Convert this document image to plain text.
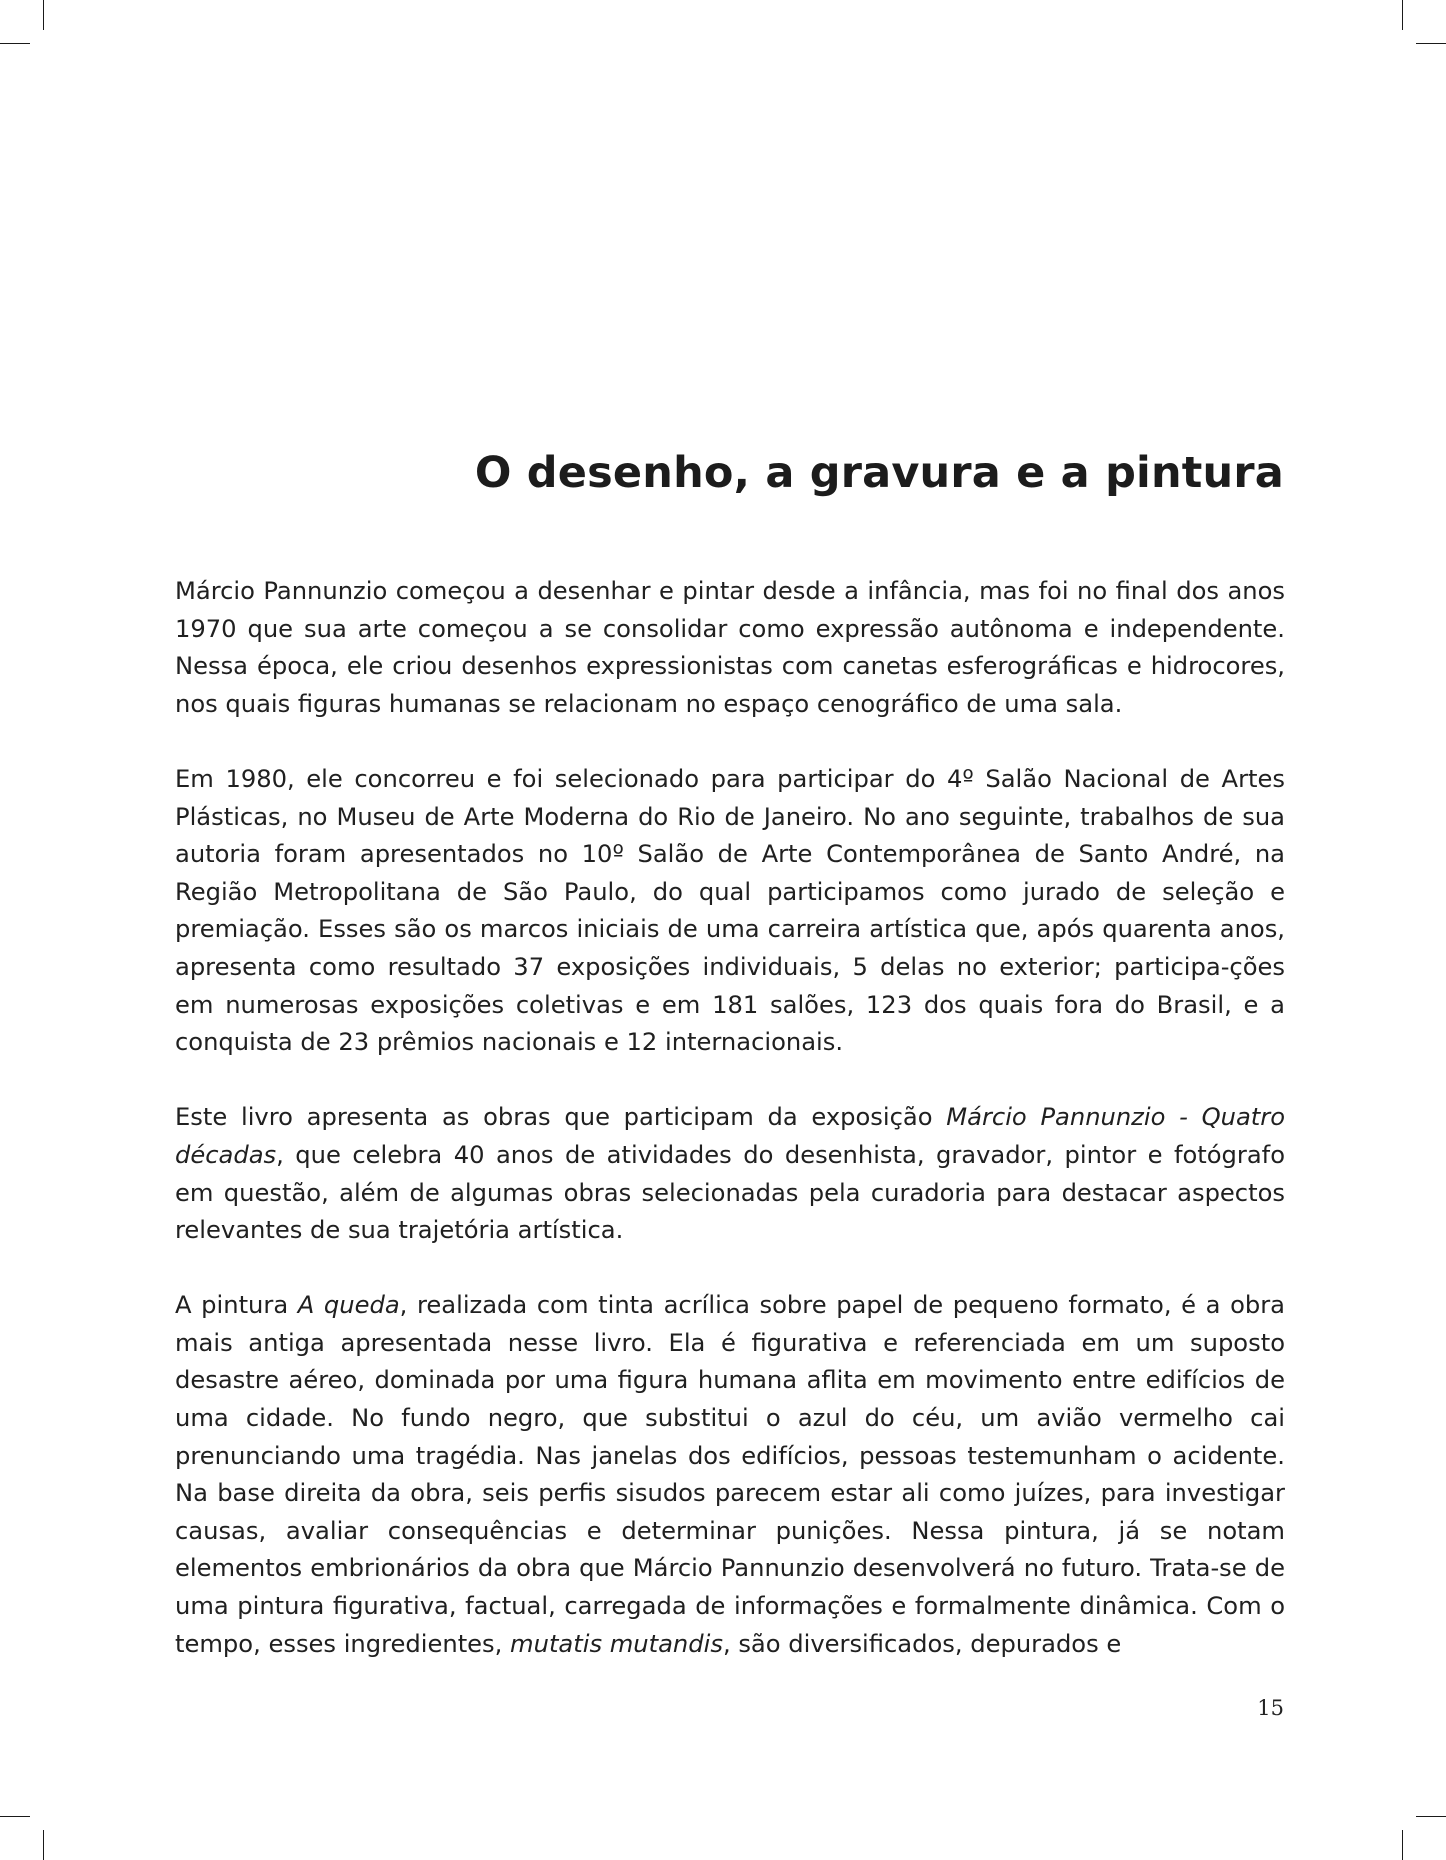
O desenho, a gravura e a pintura

Márcio Pannunzio começou a desenhar e pintar desde a infância, mas foi no final dos anos 1970 que sua arte começou a se consolidar como expressão autônoma e independente. Nessa época, ele criou desenhos expressionistas com canetas esferográficas e hidrocores, nos quais figuras humanas se relacionam no espaço cenográfico de uma sala.

Em 1980, ele concorreu e foi selecionado para participar do 4º Salão Nacional de Artes Plásticas, no Museu de Arte Moderna do Rio de Janeiro. No ano seguinte, trabalhos de sua autoria foram apresentados no 10º Salão de Arte Contemporânea de Santo André, na Região Metropolitana de São Paulo, do qual participamos como jurado de seleção e premiação. Esses são os marcos iniciais de uma carreira artística que, após quarenta anos, apresenta como resultado 37 exposições individuais, 5 delas no exterior; participa-ções em numerosas exposições coletivas e em 181 salões, 123 dos quais fora do Brasil, e a conquista de 23 prêmios nacionais e 12 internacionais.

Este livro apresenta as obras que participam da exposição Márcio Pannunzio - Quatro décadas, que celebra 40 anos de atividades do desenhista, gravador, pintor e fotógrafo em questão, além de algumas obras selecionadas pela curadoria para destacar aspectos relevantes de sua trajetória artística.

A pintura A queda, realizada com tinta acrílica sobre papel de pequeno formato, é a obra mais antiga apresentada nesse livro. Ela é figurativa e referenciada em um suposto desastre aéreo, dominada por uma figura humana aflita em movimento entre edifícios de uma cidade. No fundo negro, que substitui o azul do céu, um avião vermelho cai prenunciando uma tragédia. Nas janelas dos edifícios, pessoas testemunham o acidente. Na base direita da obra, seis perfis sisudos parecem estar ali como juízes, para investigar causas, avaliar consequências e determinar punições. Nessa pintura, já se notam elementos embrionários da obra que Márcio Pannunzio desenvolverá no futuro. Trata-se de uma pintura figurativa, factual, carregada de informações e formalmente dinâmica. Com o tempo, esses ingredientes, mutatis mutandis, são diversificados, depurados e

15
